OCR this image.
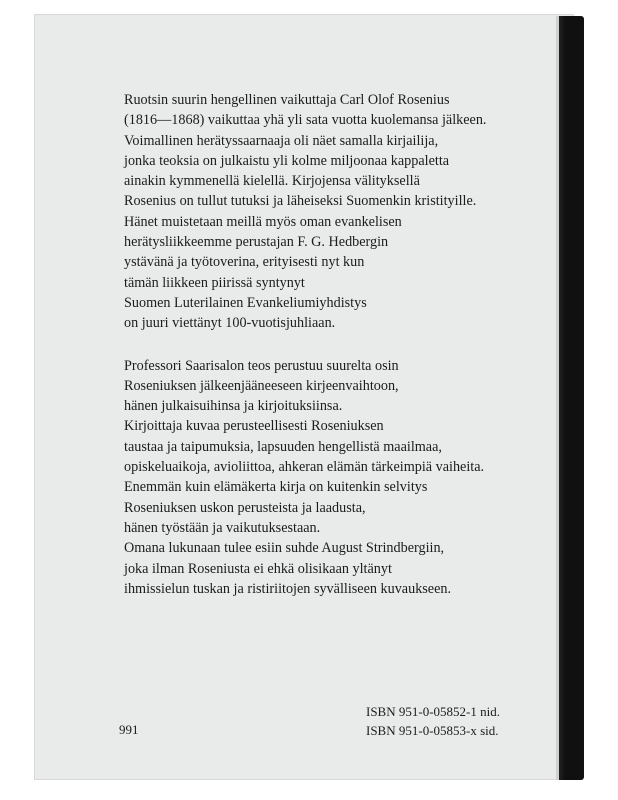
Ruotsin suurin hengellinen vaikuttaja Carl Olof Rosenius
(1816—1868) vaikuttaa yhä yli sata vuotta kuolemansa jälkeen.
Voimallinen herätyssaarnaaja oli näet samalla kirjailija,
jonka teoksia on julkaistu yli kolme miljoonaa kappaletta
ainakin kymmenellä kielellä. Kirjojensa välityksellä
Rosenius on tullut tutuksi ja läheiseksi Suomenkin kristityille.
Hänet muistetaan meillä myös oman evankelisen
herätysliikkeemme perustajan F. G. Hedbergin
ystävänä ja työtoverina, erityisesti nyt kun
tämän liikkeen piirissä syntynyt
Suomen Luterilainen Evankeliumiyhdistys
on juuri viettänyt 100-vuotisjuhliaan.

Professori Saarisalon teos perustuu suurelta osin
Roseniuksen jälkeenjääneeseen kirjeenvaihtoon,
hänen julkaisuihinsa ja kirjoituksiinsa.
Kirjoittaja kuvaa perusteellisesti Roseniuksen
taustaa ja taipumuksia, lapsuuden hengellistä maailmaa,
opiskeluaikoja, avioliittoa, ahkeran elämän tärkeimpiä vaiheita.
Enemmän kuin elämäkerta kirja on kuitenkin selvitys
Roseniuksen uskon perusteista ja laadusta,
hänen työstään ja vaikutuksestaan.
Omana lukunaan tulee esiin suhde August Strindbergiin,
joka ilman Roseniusta ei ehkä olisikaan yltänyt
ihmissielun tuskan ja ristiriitojen syvälliseen kuvaukseen.

991
ISBN 951-0-05852-1 nid.
ISBN 951-0-05853-x sid.
